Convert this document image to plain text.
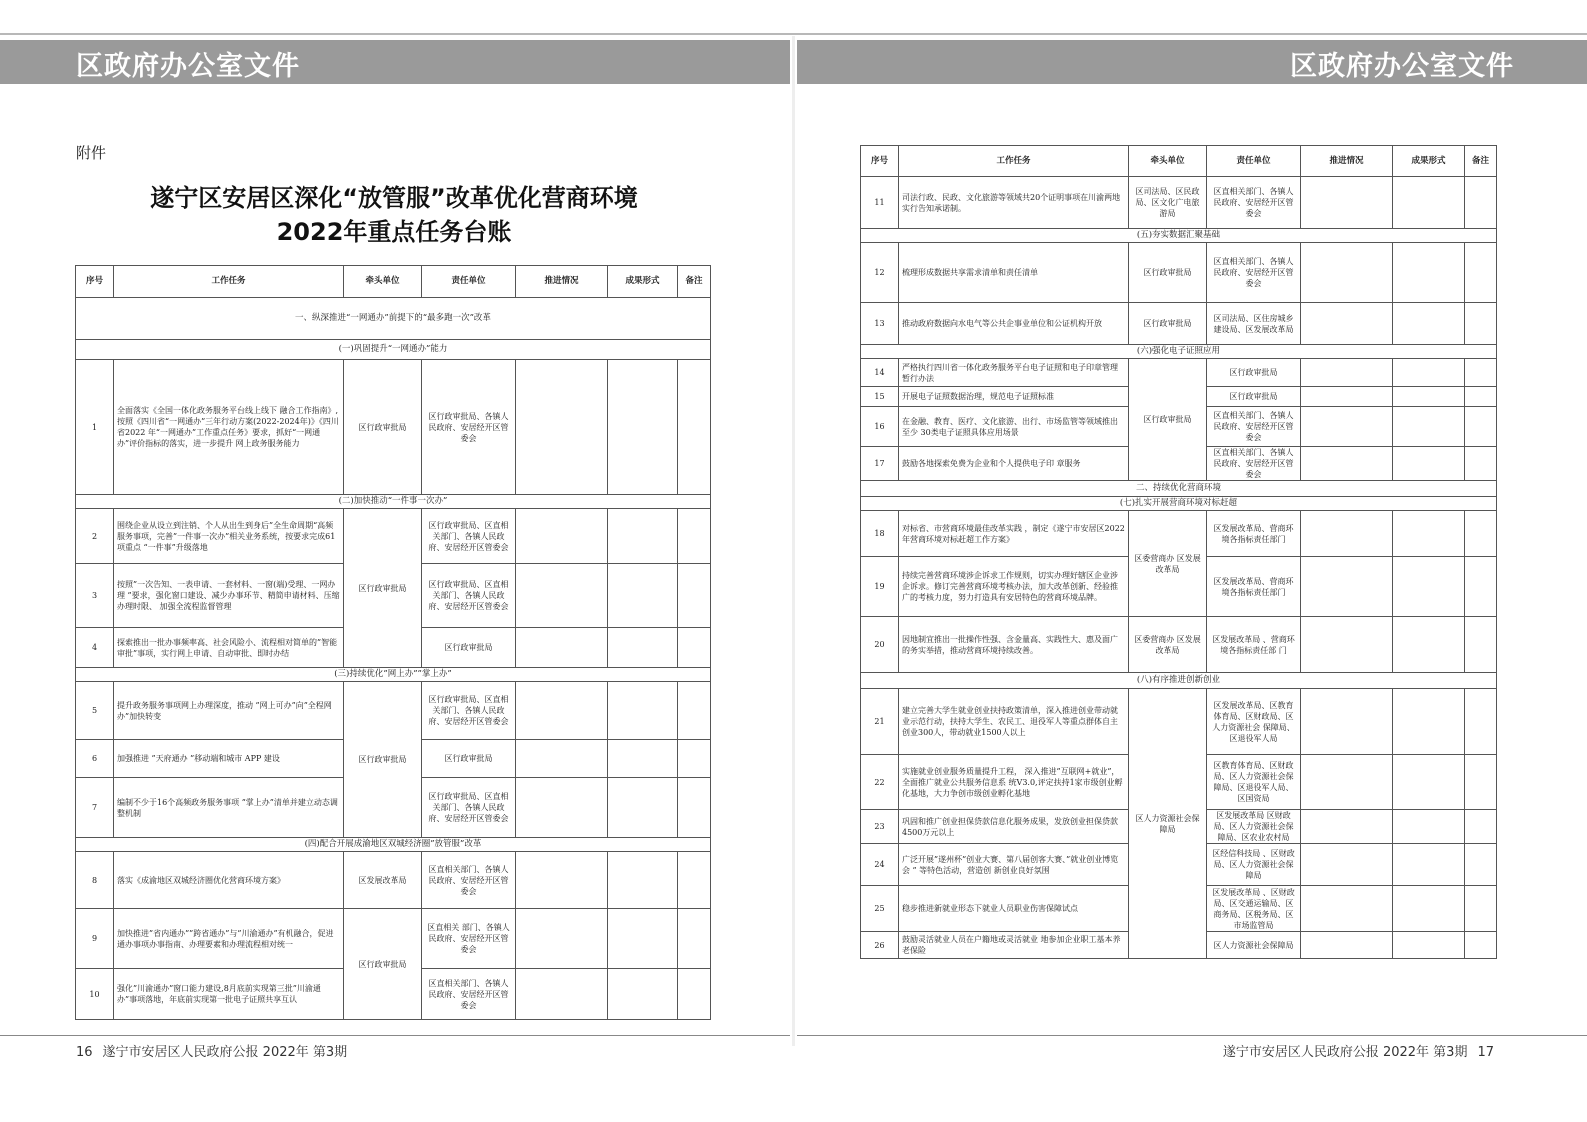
区政府办公室文件	区政府办公室文件
附件
遂宁区安居区深化“放管服”改革优化营商环境
2022年重点任务台账
序号	工作任务	牵头单位	责任单位	推进情况	成果形式	备注
一、纵深推进“一网通办”前提下的“最多跑一次”改革						
(一)巩固提升“一网通办”能力						
1	全面落实《全国一体化政务服务平台线上线下 融合工作指南》,按照《四川省“一网通办”三年行动方案(2022-2024年)》《四川省2022 年“一网通办”工作重点任务》要求，抓好“一网通办”评价指标的落实，进一步提升 网上政务服务能力	区行政审批局	区行政审批局、各镇人民政府、安居经开区管委会			
(二)加快推动“一件事一次办”						
2	围绕企业从设立到注销、个人从出生到身后”全生命周期“高频服务事项，完善”一件事一次办”相关业务系统，按要求完成61项重点 “一件事”升级落地	区行政审批局	区行政审批局、区直相关部门、各镇人民政府、安居经开区管委会			
3	按照”一次告知、一表申请、一套材料、一窗(端)受理、一网办理 ”要求，强化窗口建设、减少办事环节、精简申请材料、压缩办理时限、 加强全流程监督管理		区行政审批局、区直相关部门、各镇人民政府、安居经开区管委会			
4	探索推出一批办事频率高、社会风险小、流程相对简单的”智能审批”事项，实行网上申请、自动审批、即时办结		区行政审批局			
(三)持续优化”网上办””掌上办”						
5	提升政务服务事项网上办理深度，推动 ”网上可办”向”全程网办”加快转变	区行政审批局	区行政审批局、区直相关部门、各镇人民政府、安居经开区管委会			
6	加强推进 ”天府通办 ”移动端和城市 APP 建设		区行政审批局			
7	编制不少于16个高频政务服务事项 ”掌上办”清单并建立动态调整机制		区行政审批局、区直相关部门、各镇人民政府、安居经开区管委会			
(四)配合开展成渝地区双城经济圈”放管服”改革						
8	落实《成渝地区双城经济圈优化营商环境方案》	区发展改革局	区直相关部门、各镇人民政府、安居经开区管委会			
9	加快推进”省内通办””跨省通办”与”川渝通办”有机融合，促进通办事项办事指南、办理要素和办理流程相对统一	区行政审批局	区直相关 部门、各镇人民政府、安居经开区管委会			
10	强化”川渝通办”窗口能力建设,8月底前实现第三批”川渝通办”事项落地，年底前实现第一批电子证照共享互认		区直相关部门、各镇人民政府、安居经开区管委会			
序号	工作任务	牵头单位	责任单位	推进情况	成果形式	备注
11	司法行政、民政、文化旅游等领域共20个证明事项在川渝两地实行告知承诺制。	区司法局、区民政局、区文化广电旅游局	区直相关部门、各镇人民政府、安居经开区管委会			
(五)夯实数据汇聚基础						
12	梳理形成数据共享需求清单和责任清单	区行政审批局	区直相关部门、各镇人民政府、安居经开区管委会			
13	推动政府数据向水电气等公共企事业单位和公证机构开放	区行政审批局	区司法局、区住房城乡建设局、区发展改革局			
(六)强化电子证照应用						
14	严格执行四川省一体化政务服务平台电子证照和电子印章管理暂行办法	区行政审批局	区行政审批局			
15	开展电子证照数据治理，规范电子证照标准		区行政审批局			
16	在金融、教育、医疗、文化旅游、出行、市场监管等领域推出至少 30类电子证照具体应用场景		区直相关部门、各镇人民政府、安居经开区管委会			
17	鼓励各地探索免费为企业和个人提供电子印 章服务		区直相关部门、各镇人民政府、安居经开区管委会			
二、持续优化营商环境						
(七)扎实开展营商环境对标赶超						
18	对标省、市营商环境最佳改革实践 ，制定《遂宁市安居区2022年营商环境对标赶超工作方案》	区委营商办 区发展改革局	区发展改革局、营商环境各指标责任部门			
19	持续完善营商环境涉企诉求工作规则，切实办理好辖区企业涉企诉求。修订完善营商环境考核办法，加大改革创新、经验推广的考核力度，努力打造具有安居特色的营商环境品牌。		区发展改革局、营商环境各指标责任部门			
20	因地制宜推出一批操作性强、含金量高、实践性大、惠及面广的务实举措，推动营商环境持续改善。	区委营商办 区发展改革局	区发展改革局 、营商环境各指标责任部 门			
(八)有序推进创新创业						
21	建立完善大学生就业创业扶持政策清单，深入推进创业带动就业示范行动，扶持大学生、农民工、退役军人等重点群体自主创业300人，带动就业1500人以上	区人力资源社会保障局	区发展改革局、区教育体育局、区财政局、区人力资源社会 保障局、区退役军人局			
22	实施就业创业服务质量提升工程， 深入推进”互联网+就业”，全面推广就业公共服务信息系 统V3.0,评定扶持1家市级创业孵化基地，大力争创市级创业孵化基地		区教育体育局、区财政局、区人力资源社会保障局、区退役军人局、区国资局			
23	巩固和推广创业担保贷款信息化服务成果，发放创业担保贷款4500万元以上		区发展改革局 区财政局、区人力资源社会保障局、区农业农村局			
24	广泛开展”遂州杯”创业大赛、第八届创客大赛、”就业创业博览会 ” 等特色活动，营造创 新创业良好氛围		区经信科技局 、区财政局、区人力资源社会保障局			
25	稳步推进新就业形态下就业人员职业伤害保障试点		区发展改革局 、区财政局、区交通运输局、区商务局、区税务局、区市场监管局			
26	鼓励灵活就业人员在户籍地或灵活就业 地参加企业职工基本养老保险		区人力资源社会保障局			
16 遂宁市安居区人民政府公报 2022年 第3期	遂宁市安居区人民政府公报 2022年 第3期 17
